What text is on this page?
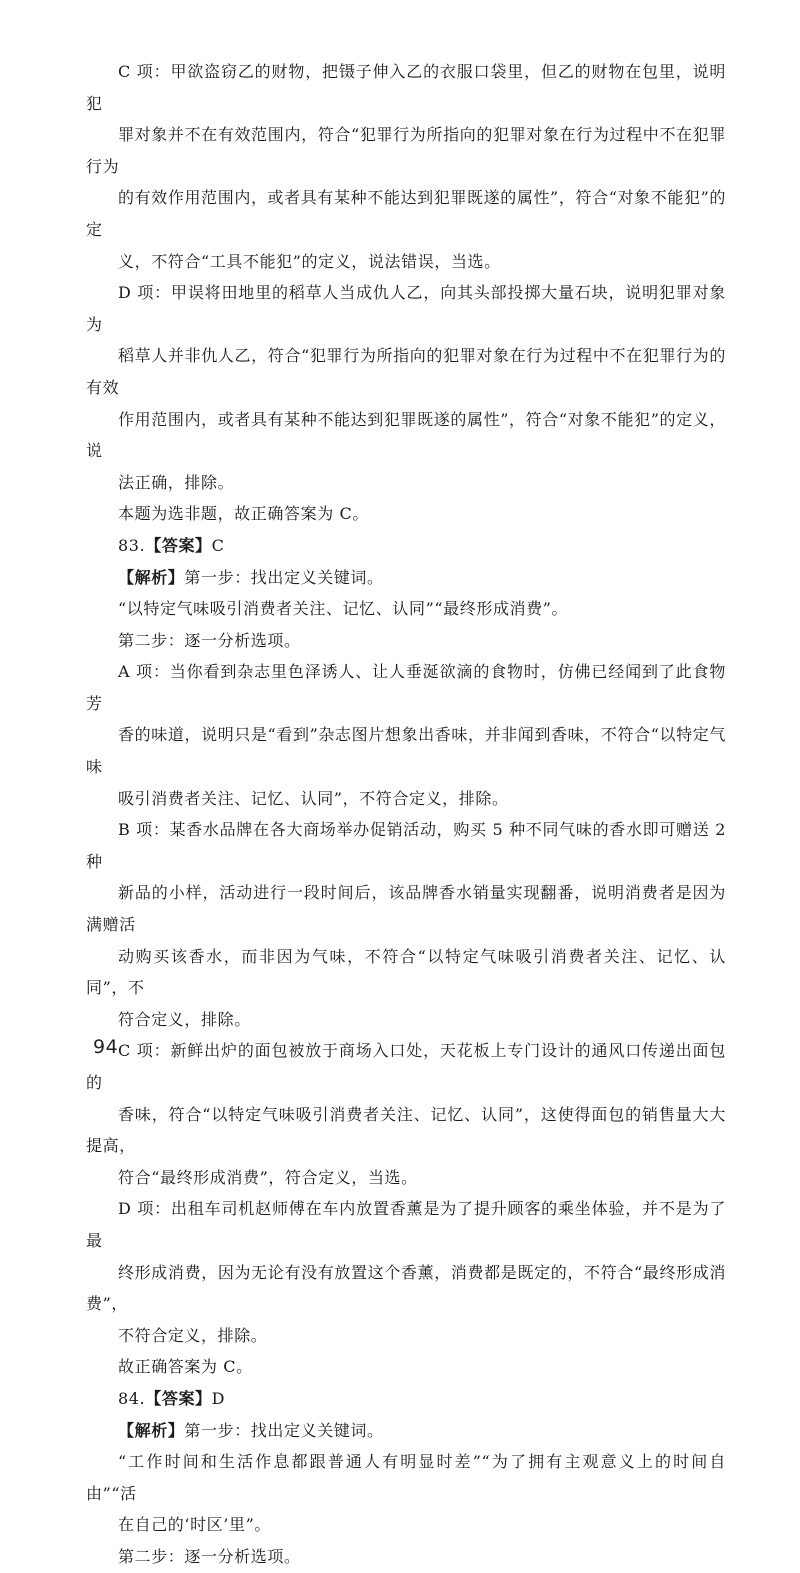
C 项：甲欲盗窃乙的财物，把镊子伸入乙的衣服口袋里，但乙的财物在包里，说明犯
罪对象并不在有效范围内，符合“犯罪行为所指向的犯罪对象在行为过程中不在犯罪行为
的有效作用范围内，或者具有某种不能达到犯罪既遂的属性”，符合“对象不能犯”的定
义，不符合“工具不能犯”的定义，说法错误，当选。

D 项：甲误将田地里的稻草人当成仇人乙，向其头部投掷大量石块，说明犯罪对象为
稻草人并非仇人乙，符合“犯罪行为所指向的犯罪对象在行为过程中不在犯罪行为的有效
作用范围内，或者具有某种不能达到犯罪既遂的属性”，符合“对象不能犯”的定义，说
法正确，排除。

本题为选非题，故正确答案为 C。

83.【答案】C

【解析】第一步：找出定义关键词。

“以特定气味吸引消费者关注、记忆、认同”“最终形成消费”。

第二步：逐一分析选项。

A 项：当你看到杂志里色泽诱人、让人垂涎欲滴的食物时，仿佛已经闻到了此食物芳
香的味道，说明只是“看到”杂志图片想象出香味，并非闻到香味，不符合“以特定气味
吸引消费者关注、记忆、认同”，不符合定义，排除。

B 项：某香水品牌在各大商场举办促销活动，购买 5 种不同气味的香水即可赠送 2 种
新品的小样，活动进行一段时间后，该品牌香水销量实现翻番，说明消费者是因为满赠活
动购买该香水，而非因为气味，不符合“以特定气味吸引消费者关注、记忆、认同”，不
符合定义，排除。

C 项：新鲜出炉的面包被放于商场入口处，天花板上专门设计的通风口传递出面包的
香味，符合“以特定气味吸引消费者关注、记忆、认同”，这使得面包的销售量大大提高，
符合“最终形成消费”，符合定义，当选。

D 项：出租车司机赵师傅在车内放置香薰是为了提升顾客的乘坐体验，并不是为了最
终形成消费，因为无论有没有放置这个香薰，消费都是既定的，不符合“最终形成消费”，
不符合定义，排除。

故正确答案为 C。

84.【答案】D

【解析】第一步：找出定义关键词。

“工作时间和生活作息都跟普通人有明显时差”“为了拥有主观意义上的时间自由”“活
在自己的‘时区’里”。

第二步：逐一分析选项。

94
